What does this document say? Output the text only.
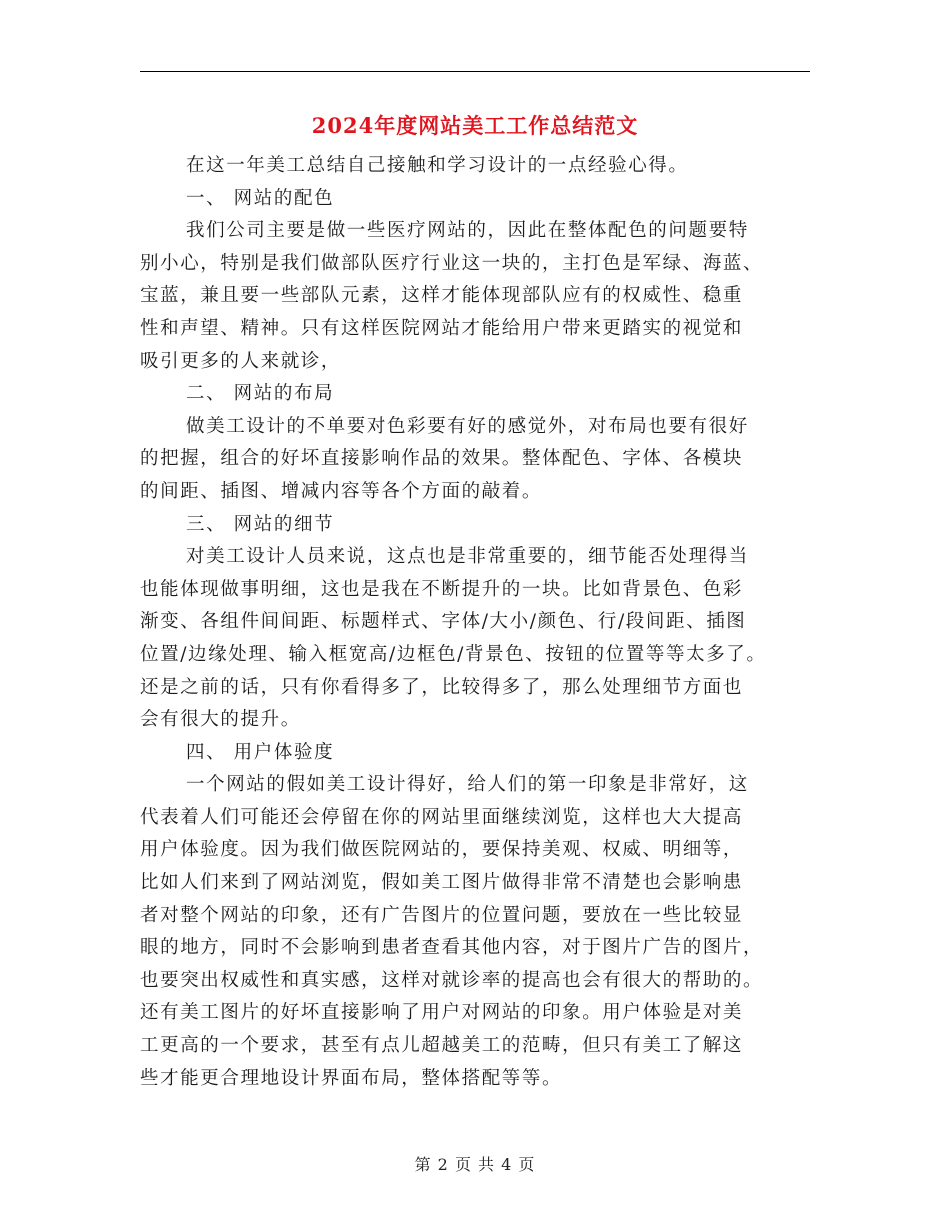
2024年度网站美工工作总结范文
在这一年美工总结自己接触和学习设计的一点经验心得。
一、 网站的配色
我们公司主要是做一些医疗网站的，因此在整体配色的问题要特
别小心，特别是我们做部队医疗行业这一块的，主打色是军绿、海蓝、
宝蓝，兼且要一些部队元素，这样才能体现部队应有的权威性、稳重
性和声望、精神。只有这样医院网站才能给用户带来更踏实的视觉和
吸引更多的人来就诊，
二、 网站的布局
做美工设计的不单要对色彩要有好的感觉外，对布局也要有很好
的把握，组合的好坏直接影响作品的效果。整体配色、字体、各模块
的间距、插图、增减内容等各个方面的敲着。
三、 网站的细节
对美工设计人员来说，这点也是非常重要的，细节能否处理得当
也能体现做事明细，这也是我在不断提升的一块。比如背景色、色彩
渐变、各组件间间距、标题样式、字体/大小/颜色、行/段间距、插图
位置/边缘处理、输入框宽高/边框色/背景色、按钮的位置等等太多了。
还是之前的话，只有你看得多了，比较得多了，那么处理细节方面也
会有很大的提升。
四、 用户体验度
一个网站的假如美工设计得好，给人们的第一印象是非常好，这
代表着人们可能还会停留在你的网站里面继续浏览，这样也大大提高
用户体验度。因为我们做医院网站的，要保持美观、权威、明细等，
比如人们来到了网站浏览，假如美工图片做得非常不清楚也会影响患
者对整个网站的印象，还有广告图片的位置问题，要放在一些比较显
眼的地方，同时不会影响到患者查看其他内容，对于图片广告的图片，
也要突出权威性和真实感，这样对就诊率的提高也会有很大的帮助的。
还有美工图片的好坏直接影响了用户对网站的印象。用户体验是对美
工更高的一个要求，甚至有点儿超越美工的范畴，但只有美工了解这
些才能更合理地设计界面布局，整体搭配等等。
第 2 页 共 4 页
